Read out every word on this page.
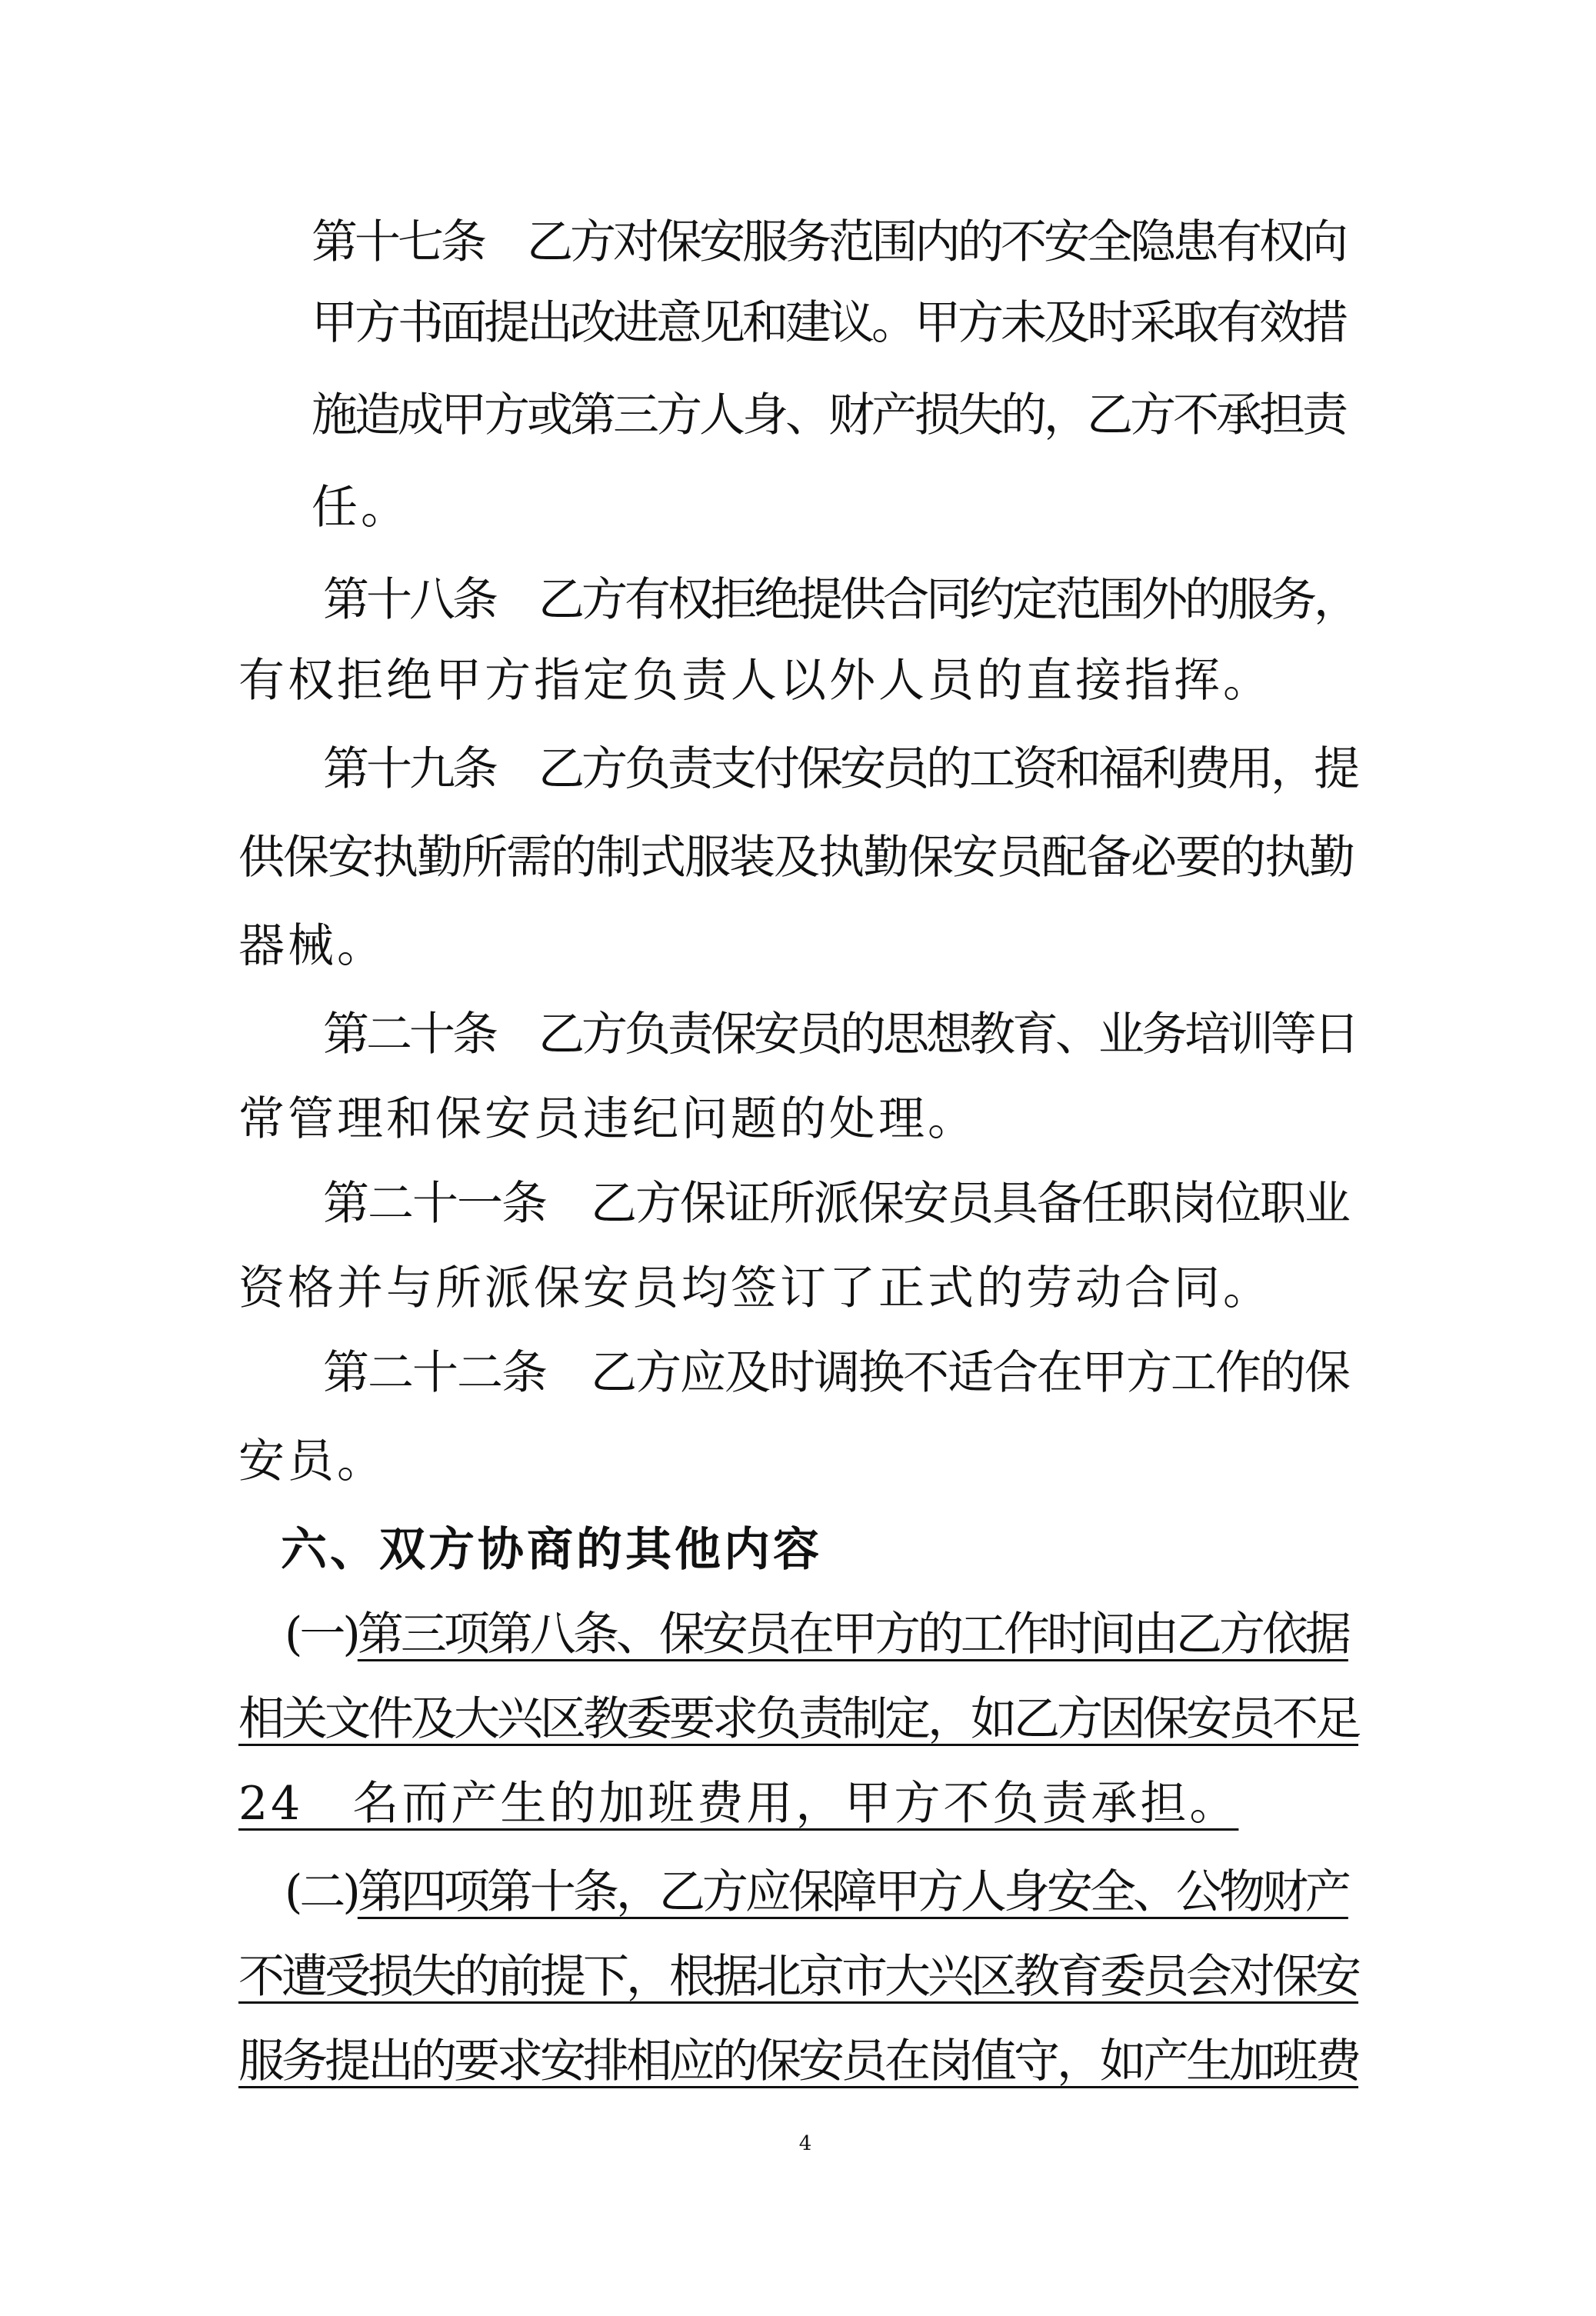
第十七条　乙方对保安服务范围内的不安全隐患有权向
甲方书面提出改进意见和建议。甲方未及时采取有效措
施造成甲方或第三方人身、财产损失的，乙方不承担责
任。
第十八条　乙方有权拒绝提供合同约定范围外的服务，
有权拒绝甲方指定负责人以外人员的直接指挥。
第十九条　乙方负责支付保安员的工资和福利费用，提
供保安执勤所需的制式服装及执勤保安员配备必要的执勤
器械。
第二十条　乙方负责保安员的思想教育、业务培训等日
常管理和保安员违纪问题的处理。
第二十一条　乙方保证所派保安员具备任职岗位职业
资格并与所派保安员均签订了正式的劳动合同。
第二十二条　乙方应及时调换不适合在甲方工作的保
安员。
六、双方协商的其他内容
(一)第三项第八条、保安员在甲方的工作时间由乙方依据
相关文件及大兴区教委要求负责制定，如乙方因保安员不足
24　名而产生的加班费用，甲方不负责承担。
(二)第四项第十条，乙方应保障甲方人身安全、公物财产
不遭受损失的前提下，根据北京市大兴区教育委员会对保安
服务提出的要求安排相应的保安员在岗值守，如产生加班费
4
